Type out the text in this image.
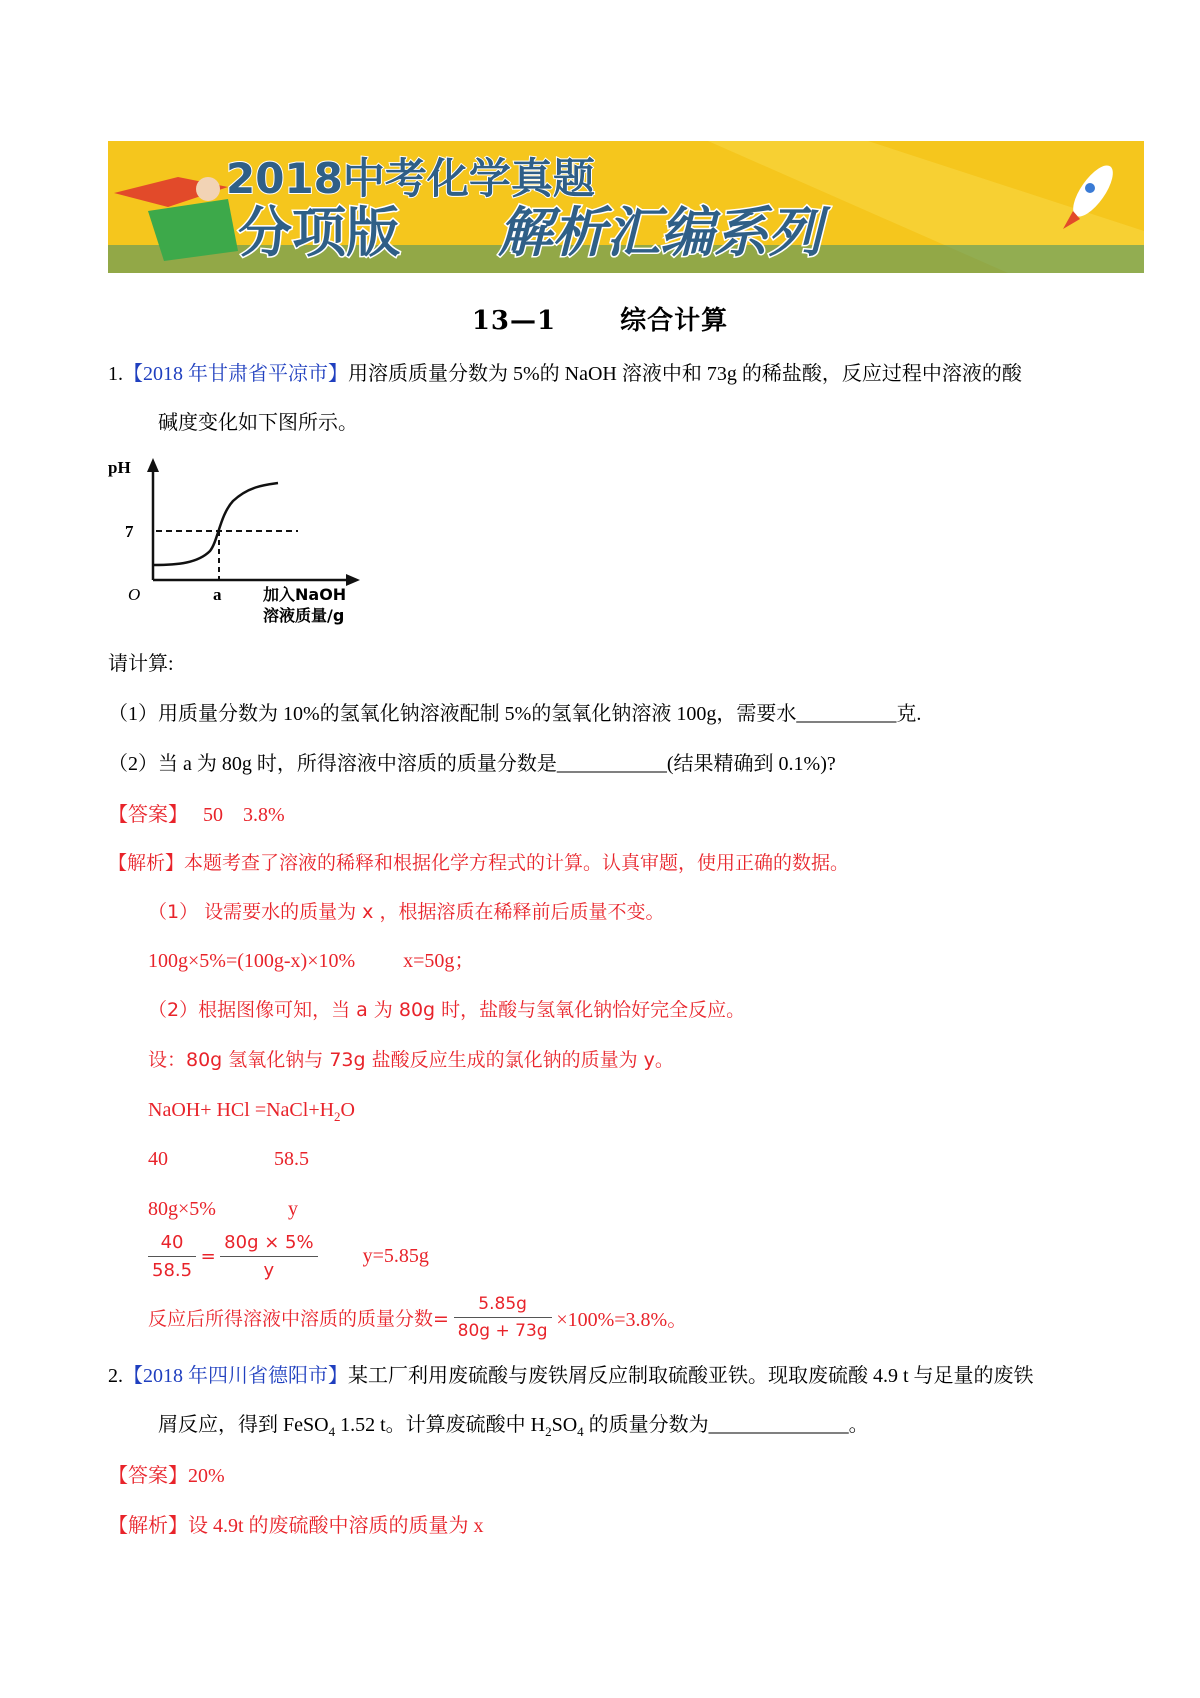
2018中考化学真题
分项版 解析汇编系列
13—1 综合计算
1.【2018 年甘肃省平凉市】用溶质质量分数为 5%的 NaOH 溶液中和 73g 的稀盐酸，反应过程中溶液的酸
碱度变化如下图所示。
pH
7
O	a	加入NaOH
溶液质量/g
请计算:
（1）用质量分数为 10%的氢氧化钠溶液配制 5%的氢氧化钠溶液 100g，需要水__________克.
（2）当 a 为 80g 时，所得溶液中溶质的质量分数是___________(结果精确到 0.1%)?
【答案】 50    3.8%
【解析】本题考查了溶液的稀释和根据化学方程式的计算。认真审题，使用正确的数据。
（1） 设需要水的质量为 x ，根据溶质在稀释前后质量不变。
100g×5%=(100g-x)×10% x=50g；
（2）根据图像可知，当 a 为 80g 时，盐酸与氢氧化钠恰好完全反应。
设：80g 氢氧化钠与 73g 盐酸反应生成的氯化钠的质量为 y。
NaOH+ HCl $=NaCl+H_2O$
40	58.5
80g×5%	y
$\frac{40}{58.5} = \frac{80g \times 5\%}{y} y=5.85g$
反应后所得溶液中溶质的质量分数= $\frac{5.85g}{80g + 73g} \times 100\%=3.8\%$。
2.【2018 年四川省德阳市】某工厂利用废硫酸与废铁屑反应制取硫酸亚铁。现取废硫酸 4.9 t 与足量的废铁
屑反应，得到 FeSO$_4$ 1.52 t。计算废硫酸中 $H_2SO_4$ 的质量分数为______________。
【答案】20%
【解析】设 4.9t 的废硫酸中溶质的质量为 x
